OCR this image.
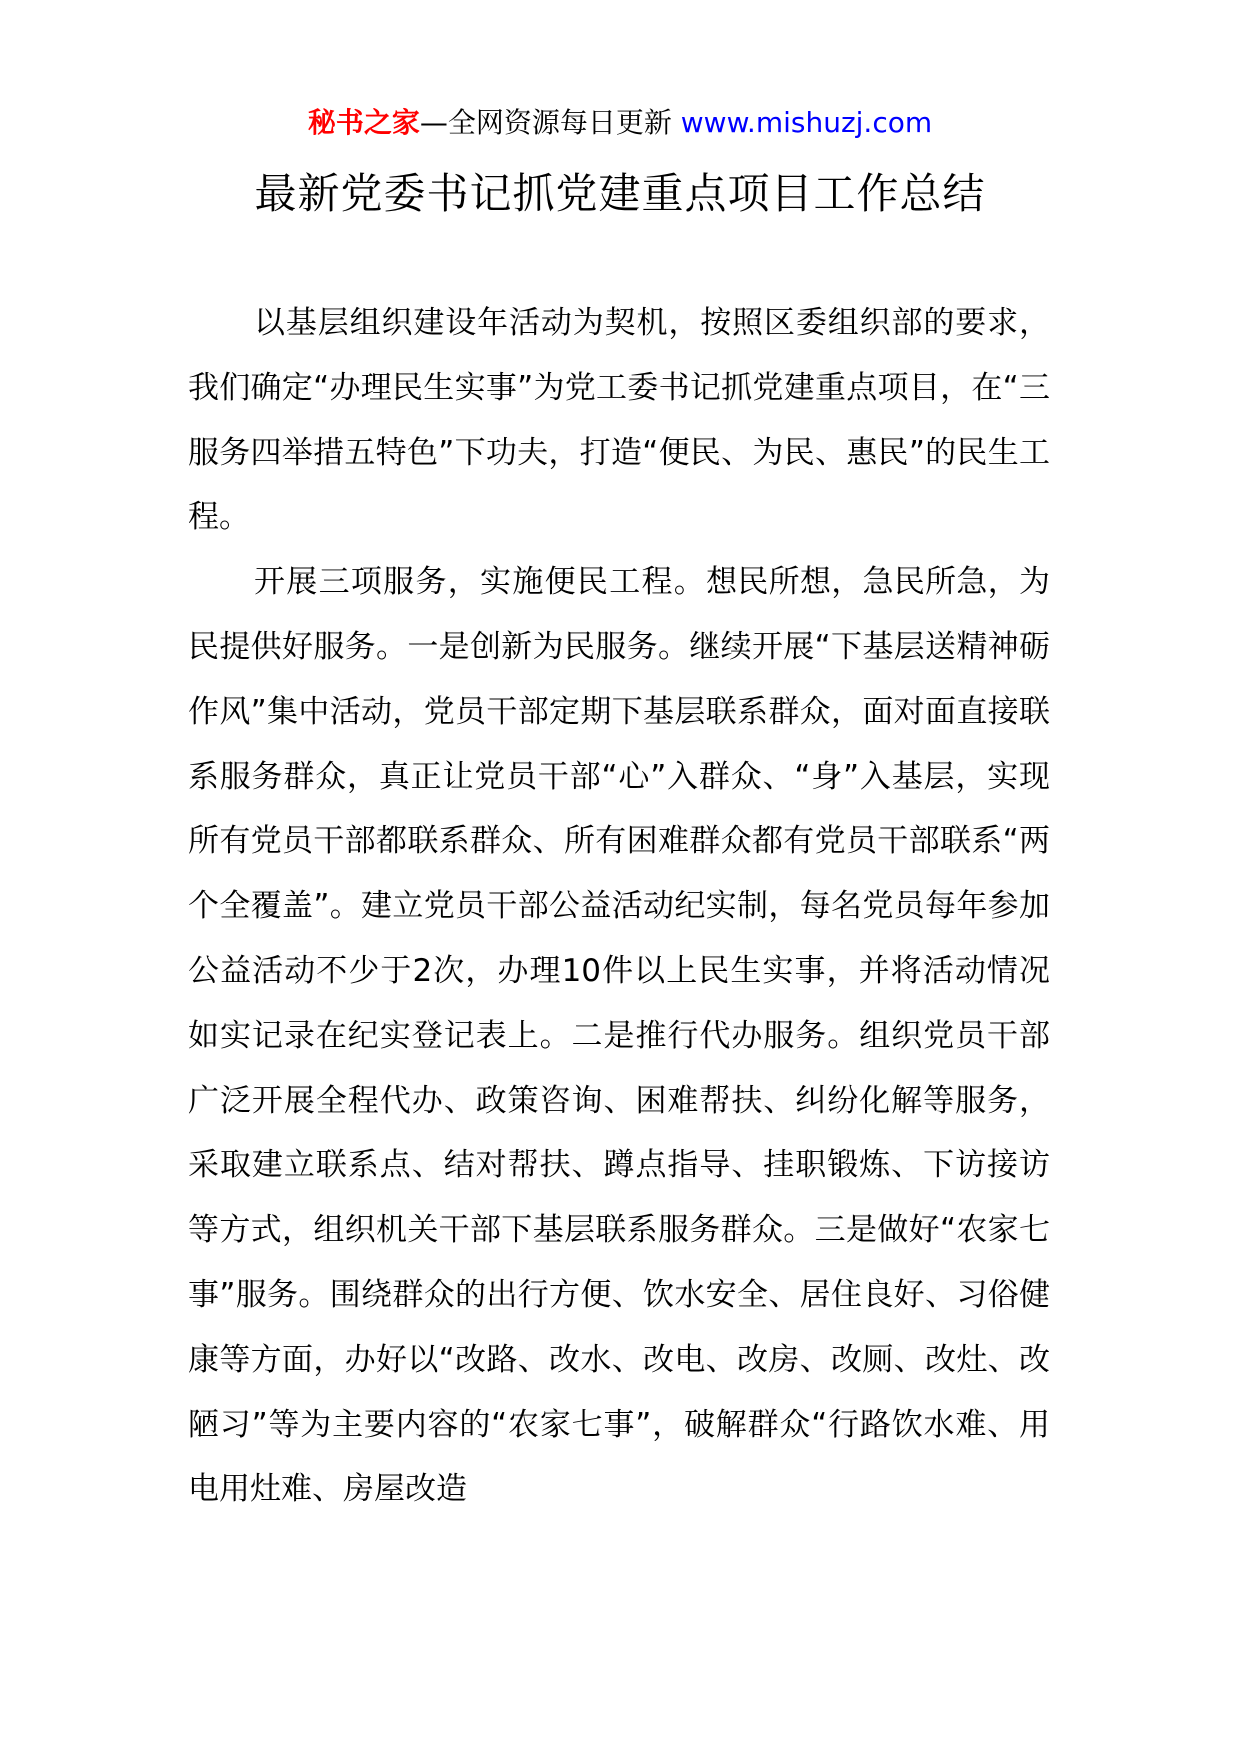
秘书之家—全网资源每日更新 www.mishuzj.com
最新党委书记抓党建重点项目工作总结

以基层组织建设年活动为契机，按照区委组织部的要求，我们确定“办理民生实事”为党工委书记抓党建重点项目，在“三服务四举措五特色”下功夫，打造“便民、为民、惠民”的民生工程。

开展三项服务，实施便民工程。想民所想，急民所急，为民提供好服务。一是创新为民服务。继续开展“下基层送精神砺作风”集中活动，党员干部定期下基层联系群众，面对面直接联系服务群众，真正让党员干部“心”入群众、“身”入基层，实现所有党员干部都联系群众、所有困难群众都有党员干部联系“两个全覆盖”。建立党员干部公益活动纪实制，每名党员每年参加公益活动不少于2次，办理10件以上民生实事，并将活动情况如实记录在纪实登记表上。二是推行代办服务。组织党员干部广泛开展全程代办、政策咨询、困难帮扶、纠纷化解等服务，采取建立联系点、结对帮扶、蹲点指导、挂职锻炼、下访接访等方式，组织机关干部下基层联系服务群众。三是做好“农家七事”服务。围绕群众的出行方便、饮水安全、居住良好、习俗健康等方面，办好以“改路、改水、改电、改房、改厕、改灶、改陋习”等为主要内容的“农家七事”，破解群众“行路饮水难、用电用灶难、房屋改造
